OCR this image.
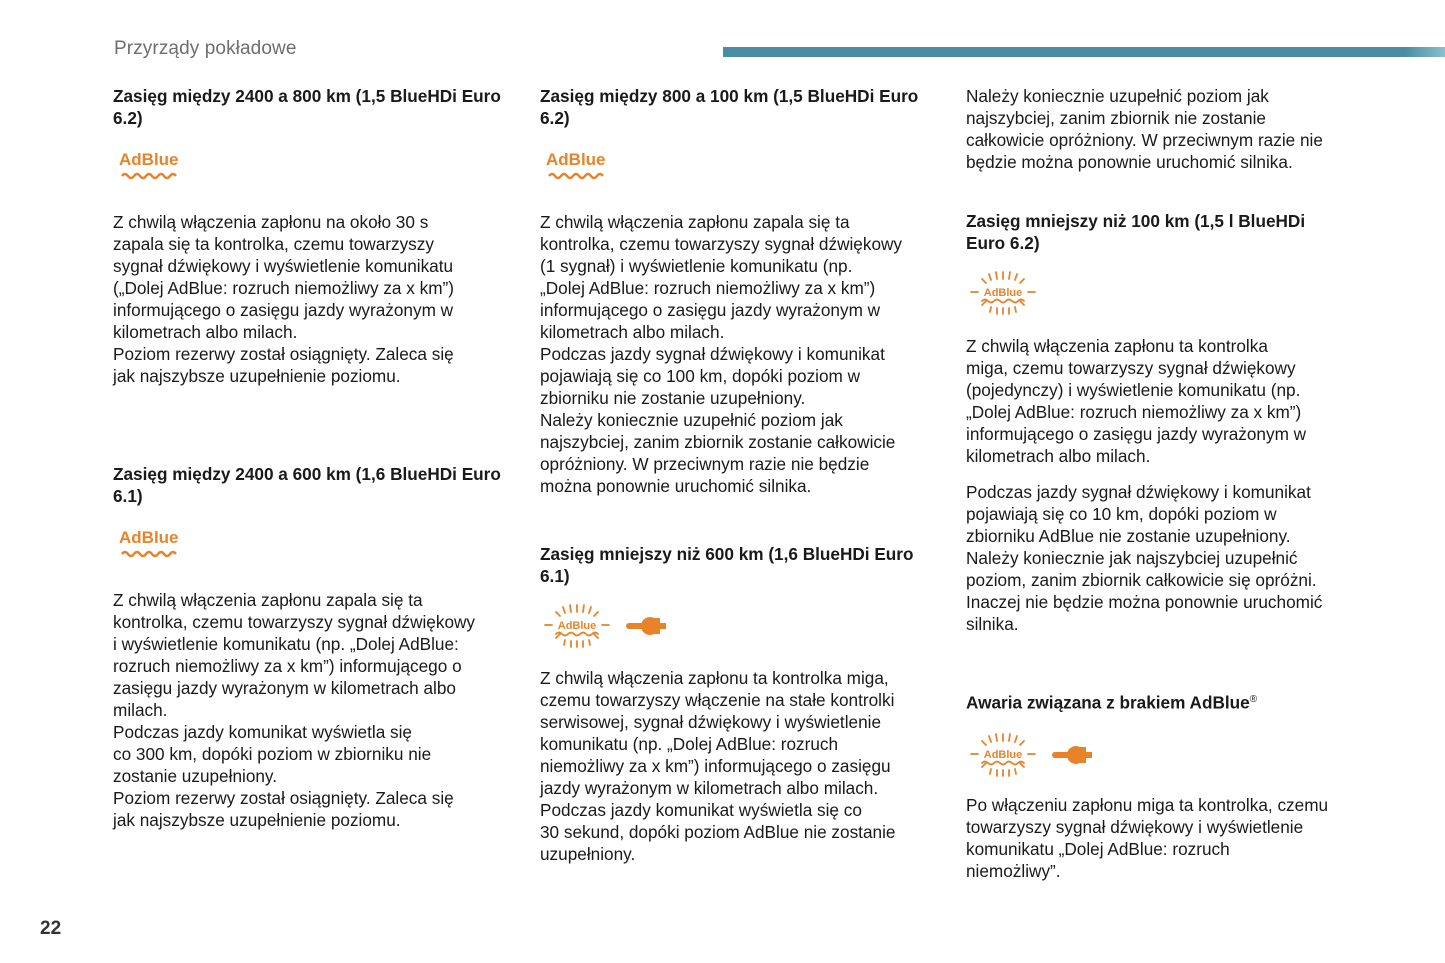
Przyrządy pokładowe

Zasięg między 2400 a 800 km (1,5 BlueHDi Euro 6.2)

AdBlue

Z chwilą włączenia zapłonu na około 30 s
zapala się ta kontrolka, czemu towarzyszy
sygnał dźwiękowy i wyświetlenie komunikatu
(„Dolej AdBlue: rozruch niemożliwy za x km”)
informującego o zasięgu jazdy wyrażonym w
kilometrach albo milach.
Poziom rezerwy został osiągnięty. Zaleca się
jak najszybsze uzupełnienie poziomu.

Zasięg między 2400 a 600 km (1,6 BlueHDi Euro 6.1)

AdBlue

Z chwilą włączenia zapłonu zapala się ta
kontrolka, czemu towarzyszy sygnał dźwiękowy
i wyświetlenie komunikatu (np. „Dolej AdBlue:
rozruch niemożliwy za x km”) informującego o
zasięgu jazdy wyrażonym w kilometrach albo
milach.
Podczas jazdy komunikat wyświetla się
co 300 km, dopóki poziom w zbiorniku nie
zostanie uzupełniony.
Poziom rezerwy został osiągnięty. Zaleca się
jak najszybsze uzupełnienie poziomu.

Zasięg między 800 a 100 km (1,5 BlueHDi Euro 6.2)

AdBlue

Z chwilą włączenia zapłonu zapala się ta
kontrolka, czemu towarzyszy sygnał dźwiękowy
(1 sygnał) i wyświetlenie komunikatu (np.
„Dolej AdBlue: rozruch niemożliwy za x km”)
informującego o zasięgu jazdy wyrażonym w
kilometrach albo milach.
Podczas jazdy sygnał dźwiękowy i komunikat
pojawiają się co 100 km, dopóki poziom w
zbiorniku nie zostanie uzupełniony.
Należy koniecznie uzupełnić poziom jak
najszybciej, zanim zbiornik zostanie całkowicie
opróżniony. W przeciwnym razie nie będzie
można ponownie uruchomić silnika.

Zasięg mniejszy niż 600 km (1,6 BlueHDi Euro 6.1)

AdBlue

Z chwilą włączenia zapłonu ta kontrolka miga,
czemu towarzyszy włączenie na stałe kontrolki
serwisowej, sygnał dźwiękowy i wyświetlenie
komunikatu (np. „Dolej AdBlue: rozruch
niemożliwy za x km”) informującego o zasięgu
jazdy wyrażonym w kilometrach albo milach.
Podczas jazdy komunikat wyświetla się co
30 sekund, dopóki poziom AdBlue nie zostanie
uzupełniony.

Należy koniecznie uzupełnić poziom jak
najszybciej, zanim zbiornik nie zostanie
całkowicie opróżniony. W przeciwnym razie nie
będzie można ponownie uruchomić silnika.

Zasięg mniejszy niż 100 km (1,5 l BlueHDi Euro 6.2)

AdBlue

Z chwilą włączenia zapłonu ta kontrolka
miga, czemu towarzyszy sygnał dźwiękowy
(pojedynczy) i wyświetlenie komunikatu (np.
„Dolej AdBlue: rozruch niemożliwy za x km”)
informującego o zasięgu jazdy wyrażonym w
kilometrach albo milach.

Podczas jazdy sygnał dźwiękowy i komunikat
pojawiają się co 10 km, dopóki poziom w
zbiorniku AdBlue nie zostanie uzupełniony.
Należy koniecznie jak najszybciej uzupełnić
poziom, zanim zbiornik całkowicie się opróżni.
Inaczej nie będzie można ponownie uruchomić
silnika.

Awaria związana z brakiem AdBlue®

AdBlue

Po włączeniu zapłonu miga ta kontrolka, czemu
towarzyszy sygnał dźwiękowy i wyświetlenie
komunikatu „Dolej AdBlue: rozruch
niemożliwy”.

22
